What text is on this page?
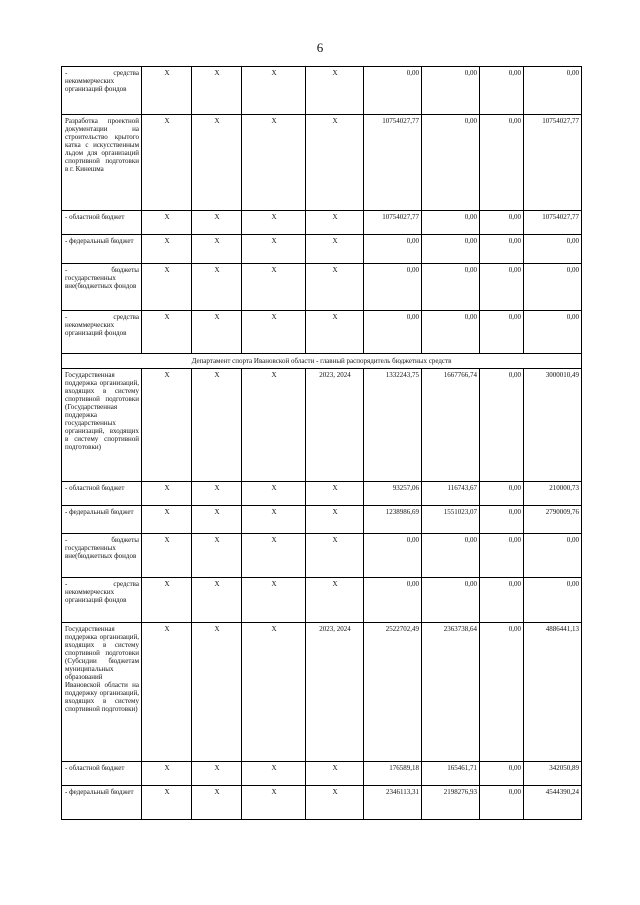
6
- средства некоммерческих организаций фондов	Х	Х	Х	Х	0,00	0,00	0,00	0,00
Разработка проектной документации на строительство крытого катка с искусственным льдом для организаций спортивной подготовки в г. Кинешма	Х	Х	Х	Х	10754027,77	0,00	0,00	10754027,77
- областной бюджет	Х	Х	Х	Х	10754027,77	0,00	0,00	10754027,77
- федеральный бюджет	Х	Х	Х	Х	0,00	0,00	0,00	0,00
- бюджеты государственных вне(бюджетных фондов	Х	Х	Х	Х	0,00	0,00	0,00	0,00
- средства некоммерческих организаций фондов	Х	Х	Х	Х	0,00	0,00	0,00	0,00
Департамент спорта Ивановской области - главный распорядитель бюджетных средств								
Государственная поддержка организаций, входящих в систему спортивной подготовки (Государственная поддержка государственных организаций, входящих в систему спортивной подготовки)	Х	Х	Х	2023, 2024	1332243,75	1667766,74	0,00	3000010,49
- областной бюджет	Х	Х	Х	Х	93257,06	116743,67	0,00	210000,73
- федеральный бюджет	Х	Х	Х	Х	1238986,69	1551023,07	0,00	2790009,76
- бюджеты государственных вне(бюджетных фондов	Х	Х	Х	Х	0,00	0,00	0,00	0,00
- средства некоммерческих организаций фондов	Х	Х	Х	Х	0,00	0,00	0,00	0,00
Государственная поддержка организаций, входящих в систему спортивной подготовки (Субсидии бюджетам муниципальных образований Ивановской области на поддержку организаций, входящих в систему спортивной подготовки)	Х	Х	Х	2023, 2024	2522702,49	2363738,64	0,00	4886441,13
- областной бюджет	Х	Х	Х	Х	176589,18	165461,71	0,00	342050,89
- федеральный бюджет	Х	Х	Х	Х	2346113,31	2198276,93	0,00	4544390,24
